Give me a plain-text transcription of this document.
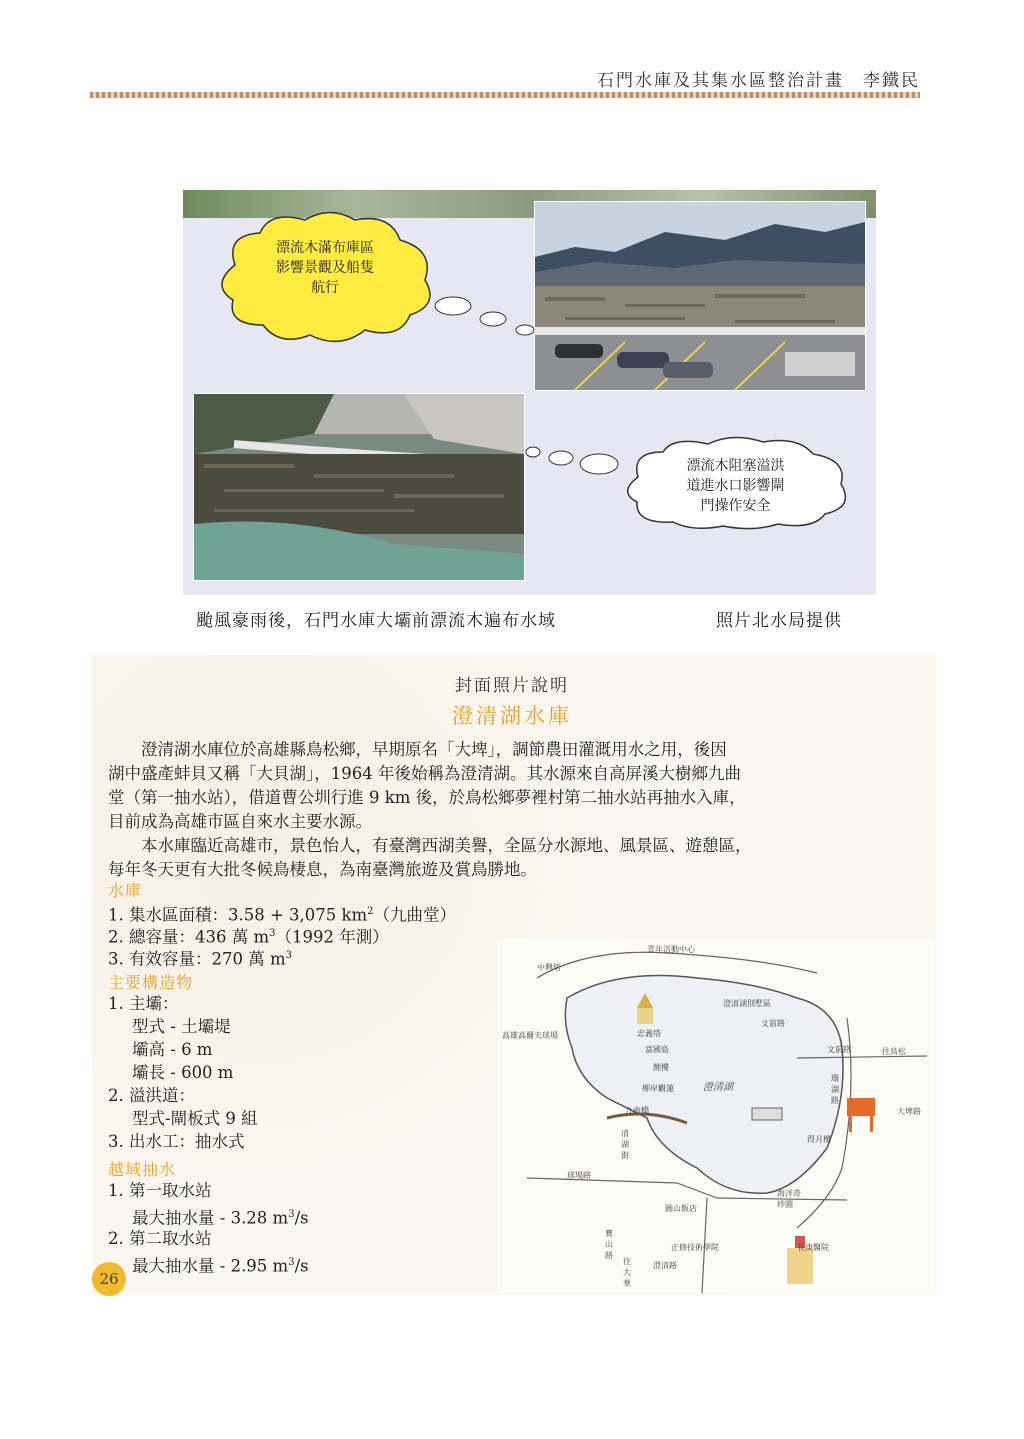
石門水庫及其集水區整治計畫　李鐵民
漂流木滿布庫區
影響景觀及船隻
航行
漂流木阻塞溢洪
道進水口影響閘
門操作安全
颱風豪雨後，石門水庫大壩前漂流木遍布水域	照片北水局提供
封面照片說明
澄清湖水庫
澄清湖水庫位於高雄縣鳥松鄉，早期原名「大埤」，調節農田灌溉用水之用，後因
湖中盛產蚌貝又稱「大貝湖」，1964 年後始稱為澄清湖。其水源來自高屏溪大樹鄉九曲
堂（第一抽水站），借道曹公圳行進 9 km 後，於鳥松鄉夢裡村第二抽水站再抽水入庫，
目前成為高雄市區自來水主要水源。
本水庫臨近高雄市，景色怡人，有臺灣西湖美譽，全區分水源地、風景區、遊憩區，
每年冬天更有大批冬候鳥棲息，為南臺灣旅遊及賞鳥勝地。
水庫
1. 集水區面積：3.58 + 3,075 $km^2$（九曲堂）
2. 總容量：436 萬 $m^3(1992$ 年測）
3. 有效容量：270 萬 $m^3$
主要構造物
1. 主壩：
型式 - 土壩堤
壩高 - 6 m
壩長 - 600 m
2. 溢洪道：
型式-閘板式 9 組
3. 出水工：抽水式
越域抽水
1. 第一取水站
最大抽水量 - 3.28 $m^3/s$
2. 第二取水站
最大抽水量 - 2.95 $m^3/s$
青年活動中心
中興塔
忠義塔
澄清湖別墅區
文前路
富國島
高雄高爾夫球場
鯉樓
文前路	往鳥松
柳岸觀蓮	澄清湖
環湖路
九曲橋	大埤路
得月樓
清湖街
球場路
海洋奇珍園
圓山飯店
寶山路
正修技術學院	長庚醫院
往大華
澄清路
26
